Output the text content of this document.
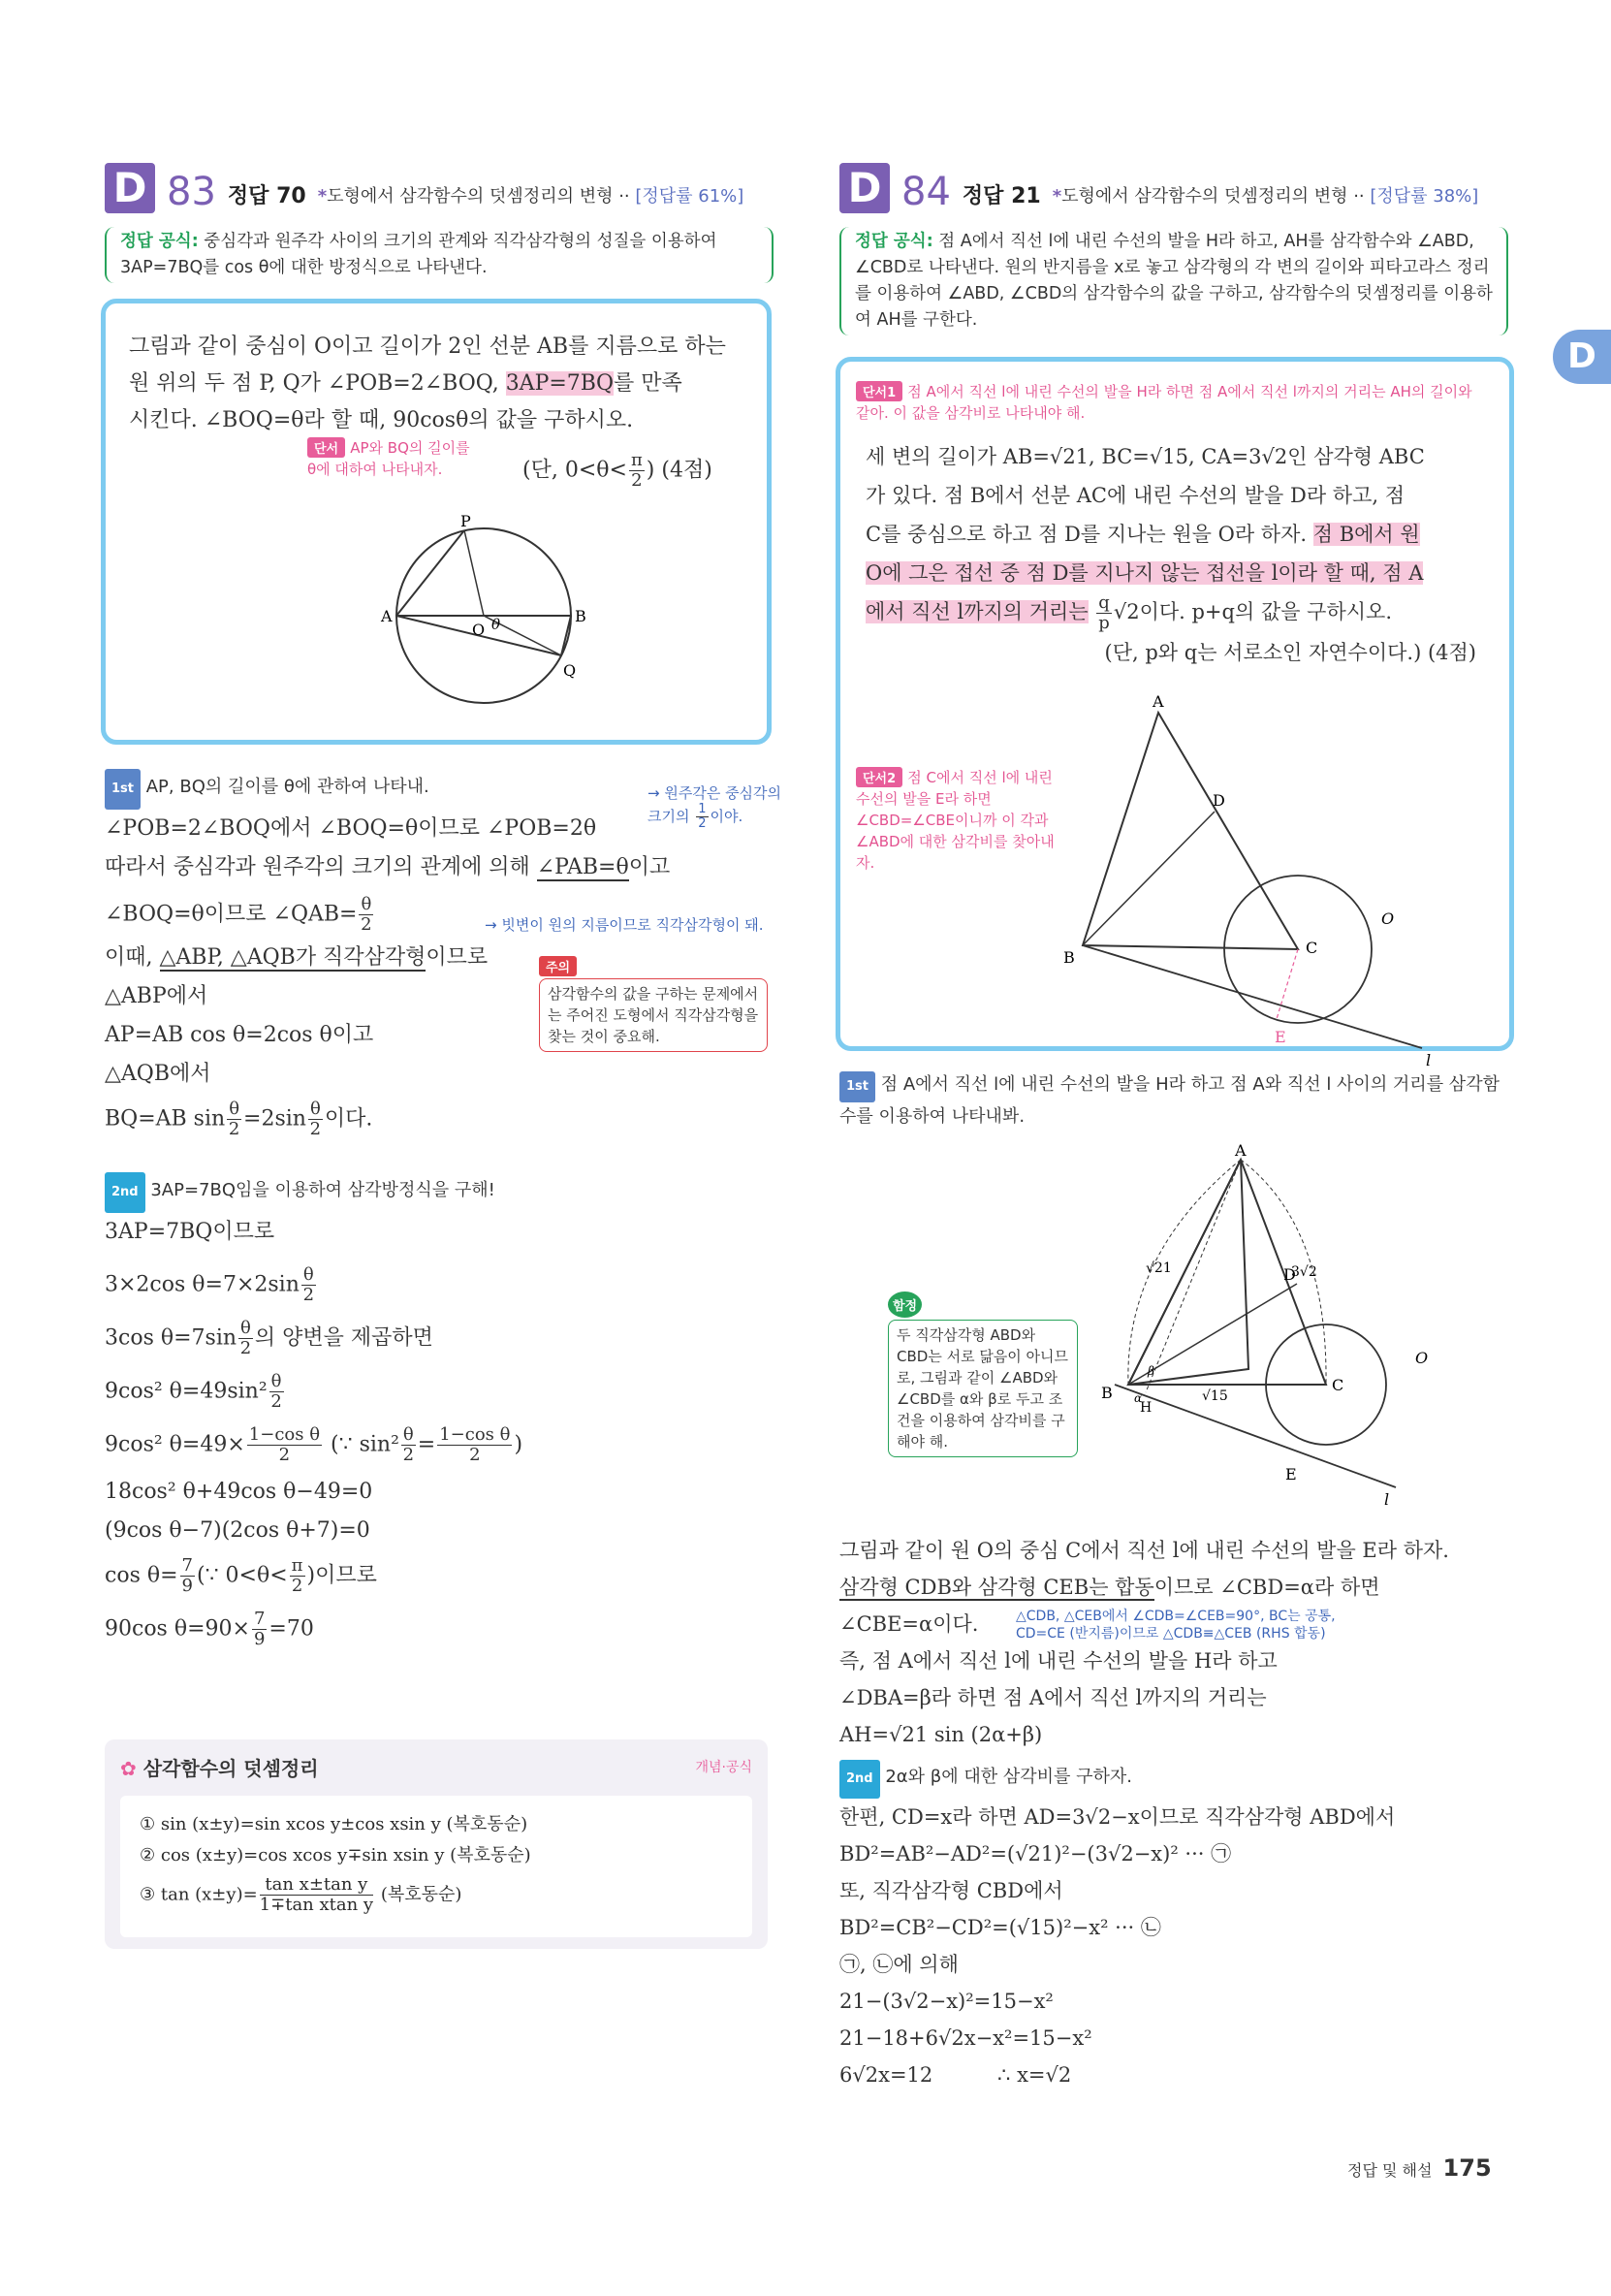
D
D 83 정답 70 *도형에서 삼각함수의 덧셈정리의 변형 ·· [정답률 61%]
정답 공식: 중심각과 원주각 사이의 크기의 관계와 직각삼각형의 성질을 이용하여 3AP=7BQ를 cos θ에 대한 방정식으로 나타낸다.
그림과 같이 중심이 O이고 길이가 2인 선분 AB를 지름으로 하는
원 위의 두 점 P, Q가 ∠POB=2∠BOQ, 3AP=7BQ를 만족
시킨다. ∠BOQ=θ라 할 때, 90cosθ의 값을 구하시오.
단서 AP와 BQ의 길이를 θ에 대하여 나타내자.	(단, $0<\theta< \frac{\pi}{2}$ ) (4점)
P
A	B
O θ
Q
1st AP, BQ의 길이를 θ에 관하여 나타내.
∠POB=2∠BOQ에서 ∠BOQ=θ이므로 ∠POB=2θ
따라서 중심각과 원주각의 크기의 관계에 의해 ∠PAB=θ이고
∠BOQ=θ이므로 ∠QAB= $\frac{\theta}{2}$
이때, △ABP, △AQB가 직각삼각형이므로
△ABP에서
AP=AB cos θ=2cos θ이고
△AQB에서
BQ=AB $\sin \frac{\theta}{2} =2\sin \frac{\theta}{2}$ 이다.
→ 원주각은 중심각의
크기의 $\frac{1}{2}$ 이야.
→ 빗변이 원의 지름이므로 직각삼각형이 돼.
주의
삼각함수의 값을 구하는 문제에서는 주어진 도형에서 직각삼각형을 찾는 것이 중요해.
2nd 3AP=7BQ임을 이용하여 삼각방정식을 구해!
3AP=7BQ이므로
3×2cos $\theta=7\times 2\sin \frac{\theta}{2}$
3cos $\theta=7\sin \frac{\theta}{2}$ 의 양변을 제곱하면
9cos² $\theta=49\sin^2 \frac{\theta}{2}$
9cos² $\theta=49\times \frac{\text{1−cos θ}}{2}$ (∵ $\sin^2 \frac{\theta}{2} = \frac{\text{1−cos θ}}{2}$ )
18cos² θ+49cos θ−49=0
(9cos θ−7)(2cos θ+7)=0
$\cos \theta= \frac{7}{9}$ (∵ $0<\theta< \frac{\pi}{2}$ )이므로
90cos $\theta=90\times \frac{7}{9} =70$
✿ 삼각함수의 덧셈정리	개념·공식
① sin (x±y)=sin xcos y±cos xsin y (복호동순)
② cos (x±y)=cos xcos y∓sin xsin y (복호동순)
③ $\tan (x\pm y)= \frac{\text{tan x±tan y}}{\text{1∓tan xtan y}}$ (복호동순)
D 84 정답 21 *도형에서 삼각함수의 덧셈정리의 변형 ·· [정답률 38%]
정답 공식: 점 A에서 직선 l에 내린 수선의 발을 H라 하고, AH를 삼각함수와 ∠ABD, ∠CBD로 나타낸다. 원의 반지름을 x로 놓고 삼각형의 각 변의 길이와 피타고라스 정리를 이용하여 ∠ABD, ∠CBD의 삼각함수의 값을 구하고, 삼각함수의 덧셈정리를 이용하여 AH를 구한다.
단서1 점 A에서 직선 l에 내린 수선의 발을 H라 하면 점 A에서 직선 l까지의 거리는 AH의 길이와 같아. 이 값을 삼각비로 나타내야 해.
세 변의 길이가 AB=√21, BC=√15, CA=3√2인 삼각형 ABC
가 있다. 점 B에서 선분 AC에 내린 수선의 발을 D라 하고, 점
C를 중심으로 하고 점 D를 지나는 원을 O라 하자. 점 B에서 원
O에 그은 접선 중 점 D를 지나지 않는 접선을 l이라 할 때, 점 A
에서 직선 l까지의 거리는 $\frac{q}{p} √2$이다. p+q의 값을 구하시오.
(단, p와 q는 서로소인 자연수이다.) (4점)
단서2 점 C에서 직선 l에 내린 수선의 발을 E라 하면 ∠CBD=∠CBE이니까 이 각과 ∠ABD에 대한 삼각비를 찾아내자.
A
B
C
D
E
O
l
1st 점 A에서 직선 l에 내린 수선의 발을 H라 하고 점 A와 직선 l 사이의 거리를 삼각함수를 이용하여 나타내봐.
A
B	C
D
E
H
O
l
√21	3√2
√15
α
β
함정
두 직각삼각형 ABD와 CBD는 서로 닮음이 아니므로, 그림과 같이 ∠ABD와 ∠CBD를 α와 β로 두고 조건을 이용하여 삼각비를 구해야 해.
그림과 같이 원 O의 중심 C에서 직선 l에 내린 수선의 발을 E라 하자.
삼각형 CDB와 삼각형 CEB는 합동이므로 ∠CBD=α라 하면
∠CBE=α이다.
즉, 점 A에서 직선 l에 내린 수선의 발을 H라 하고
∠DBA=β라 하면 점 A에서 직선 l까지의 거리는
AH=√21 sin (2α+β)
△CDB, △CEB에서 ∠CDB=∠CEB=90°, BC는 공통,
CD=CE (반지름)이므로 △CDB≡△CEB (RHS 합동)
2nd 2α와 β에 대한 삼각비를 구하자.
한편, CD=x라 하면 AD=3√2−x이므로 직각삼각형 ABD에서
BD²=AB²−AD²=(√21)²−(3√2−x)² ··· ㉠
또, 직각삼각형 CBD에서
BD²=CB²−CD²=(√15)²−x² ··· ㉡
㉠, ㉡에 의해
21−(3√2−x)²=15−x²
21−18+6√2x−x²=15−x²
6√2x=12	∴ x=√2
정답 및 해설 175
